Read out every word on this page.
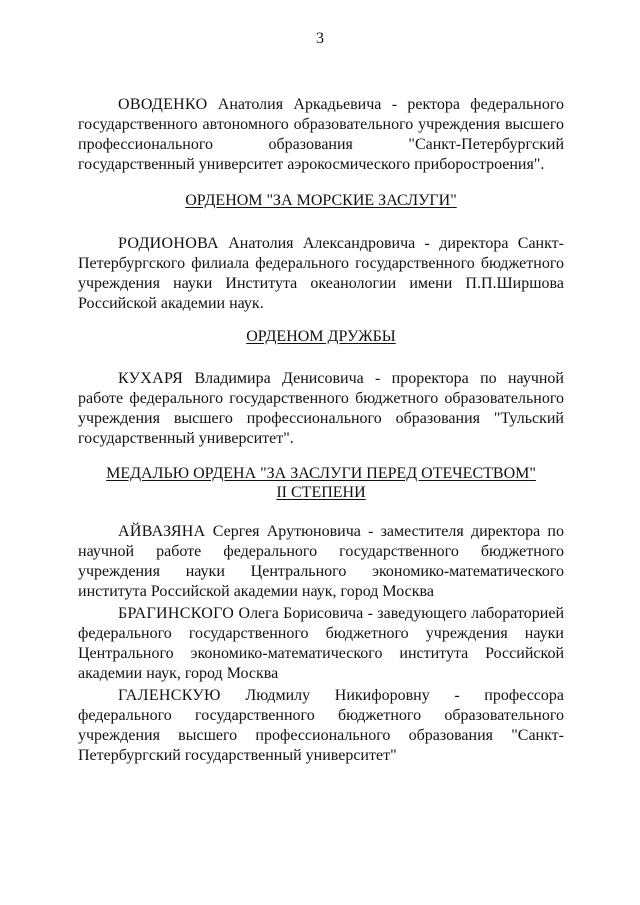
3

ОВОДЕНКО Анатолия Аркадьевича - ректора федерального государственного автономного образовательного учреждения высшего профессионального образования "Санкт-Петербургский государственный университет аэрокосмического приборостроения".

ОРДЕНОМ "ЗА МОРСКИЕ ЗАСЛУГИ"

РОДИОНОВА Анатолия Александровича - директора Санкт-Петербургского филиала федерального государственного бюджетного учреждения науки Института океанологии имени П.П.Ширшова Российской академии наук.

ОРДЕНОМ ДРУЖБЫ

КУХАРЯ Владимира Денисовича - проректора по научной работе федерального государственного бюджетного образовательного учреждения высшего профессионального образования "Тульский государственный университет".

МЕДАЛЬЮ ОРДЕНА "ЗА ЗАСЛУГИ ПЕРЕД ОТЕЧЕСТВОМ"
II СТЕПЕНИ

АЙВАЗЯНА Сергея Арутюновича - заместителя директора по научной работе федерального государственного бюджетного учреждения науки Центрального экономико-математического института Российской академии наук, город Москва

БРАГИНСКОГО Олега Борисовича - заведующего лабораторией федерального государственного бюджетного учреждения науки Центрального экономико-математического института Российской академии наук, город Москва

ГАЛЕНСКУЮ Людмилу Никифоровну - профессора федерального государственного бюджетного образовательного учреждения высшего профессионального образования "Санкт-Петербургский государственный университет"
